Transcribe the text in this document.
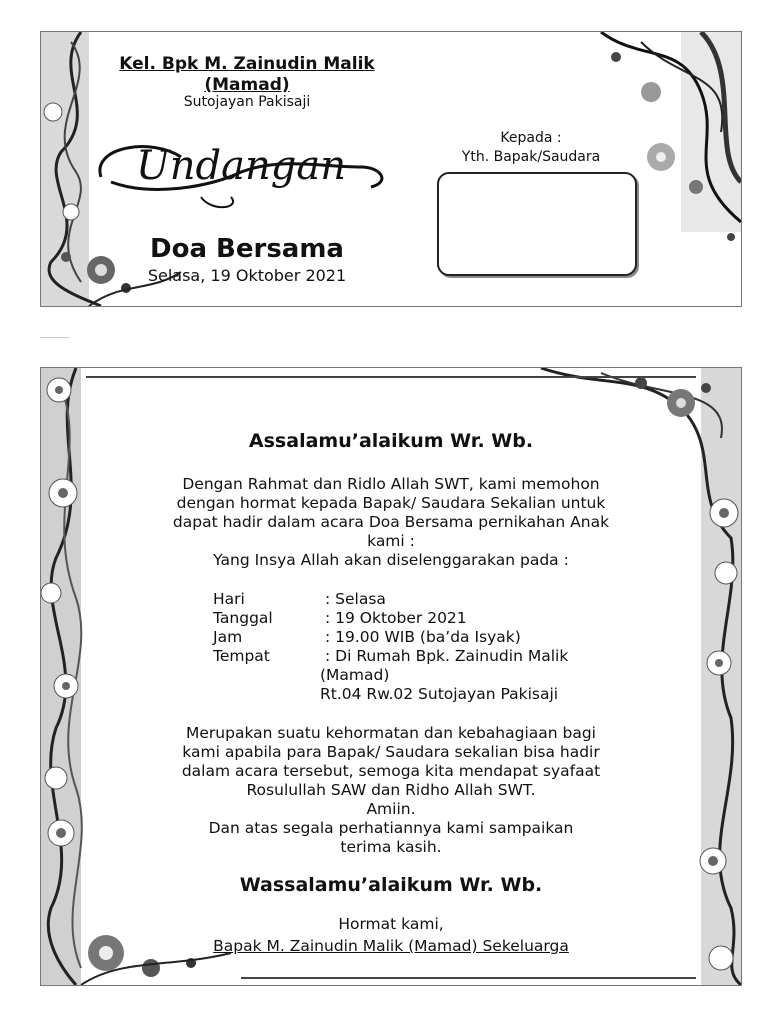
Kel. Bpk M. Zainudin Malik
(Mamad)
Sutojayan Pakisaji
Undangan
Doa Bersama
Selasa, 19 Oktober 2021
Kepada :
Yth. Bapak/Saudara
Assalamu’alaikum Wr. Wb.
Dengan Rahmat dan Ridlo Allah SWT, kami memohon
dengan hormat kepada Bapak/ Saudara Sekalian untuk
dapat hadir dalam acara Doa Bersama pernikahan Anak
kami :
Yang Insya Allah akan diselenggarakan pada :
Hari	: Selasa
Tanggal	: 19 Oktober 2021
Jam	: 19.00 WIB (ba’da Isyak)
Tempat	: Di Rumah Bpk. Zainudin Malik
(Mamad)
Rt.04 Rw.02 Sutojayan Pakisaji
Merupakan suatu kehormatan dan kebahagiaan bagi
kami apabila para Bapak/ Saudara sekalian bisa hadir
dalam acara tersebut, semoga kita mendapat syafaat
Rosulullah SAW dan Ridho Allah SWT.
Amiin.
Dan atas segala perhatiannya kami sampaikan
terima kasih.
Wassalamu’alaikum Wr. Wb.
Hormat kami,
Bapak M. Zainudin Malik (Mamad) Sekeluarga
